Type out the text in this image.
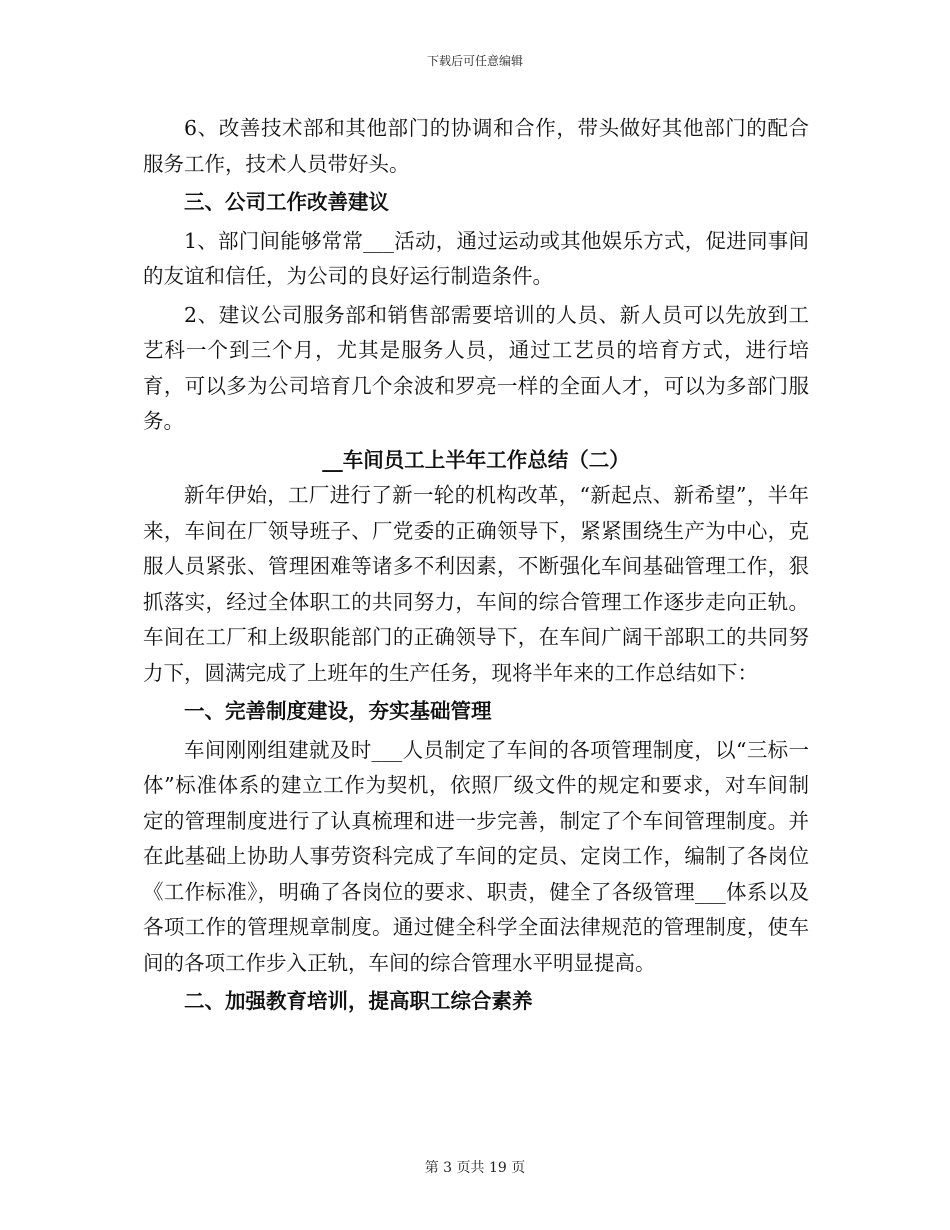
下载后可任意编辑

6、改善技术部和其他部门的协调和合作，带头做好其他部门的配合服务工作，技术人员带好头。

三、公司工作改善建议

1、部门间能够常常___活动，通过运动或其他娱乐方式，促进同事间的友谊和信任，为公司的良好运行制造条件。

2、建议公司服务部和销售部需要培训的人员、新人员可以先放到工艺科一个到三个月，尤其是服务人员，通过工艺员的培育方式，进行培育，可以多为公司培育几个余波和罗亮一样的全面人才，可以为多部门服务。

__车间员工上半年工作总结（二）

新年伊始，工厂进行了新一轮的机构改革，“新起点、新希望”，半年来，车间在厂领导班子、厂党委的正确领导下，紧紧围绕生产为中心，克服人员紧张、管理困难等诸多不利因素，不断强化车间基础管理工作，狠抓落实，经过全体职工的共同努力，车间的综合管理工作逐步走向正轨。车间在工厂和上级职能部门的正确领导下，在车间广阔干部职工的共同努力下，圆满完成了上班年的生产任务，现将半年来的工作总结如下：

一、完善制度建设，夯实基础管理

车间刚刚组建就及时___人员制定了车间的各项管理制度，以“三标一体”标准体系的建立工作为契机，依照厂级文件的规定和要求，对车间制定的管理制度进行了认真梳理和进一步完善，制定了个车间管理制度。并在此基础上协助人事劳资科完成了车间的定员、定岗工作，编制了各岗位《工作标准》，明确了各岗位的要求、职责，健全了各级管理___体系以及各项工作的管理规章制度。通过健全科学全面法律规范的管理制度，使车间的各项工作步入正轨，车间的综合管理水平明显提高。

二、加强教育培训，提高职工综合素养

第 3 页共 19 页
